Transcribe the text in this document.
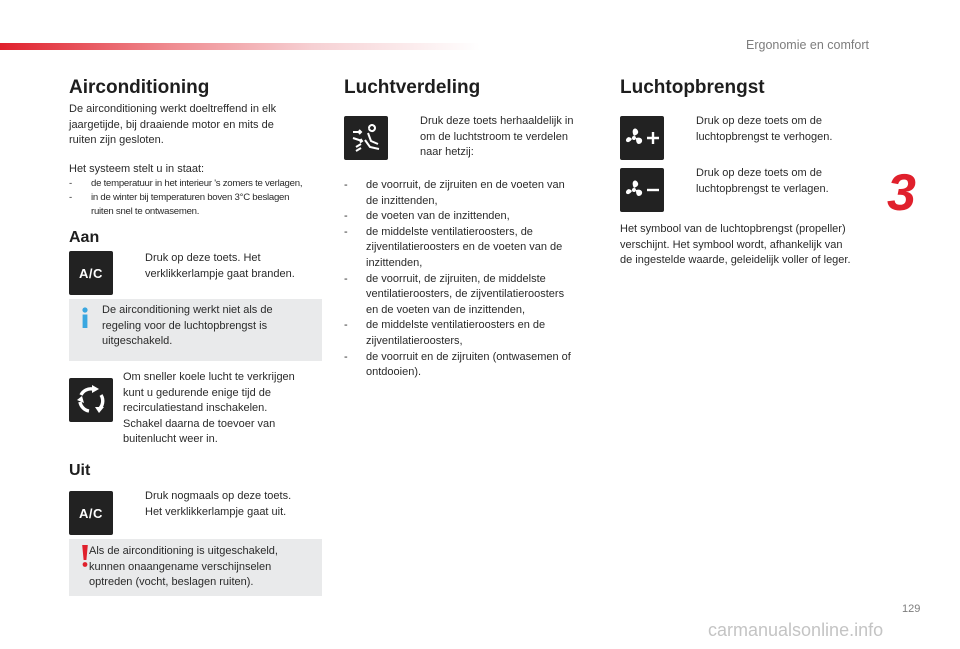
Ergonomie en comfort
Airconditioning
De airconditioning werkt doeltreffend in elk
jaargetijde, bij draaiende motor en mits de
ruiten zijn gesloten.
Het systeem stelt u in staat:
- de temperatuur in het interieur 's zomers te verlagen,
- in de winter bij temperaturen boven 3°C beslagen
ruiten snel te ontwasemen.
Aan
A/C
Druk op deze toets. Het
verklikkerlampje gaat branden.
De airconditioning werkt niet als de
regeling voor de luchtopbrengst is
uitgeschakeld.
Om sneller koele lucht te verkrijgen
kunt u gedurende enige tijd de
recirculatiestand inschakelen.
Schakel daarna de toevoer van
buitenlucht weer in.
Uit
A/C
Druk nogmaals op deze toets.
Het verklikkerlampje gaat uit.
Als de airconditioning is uitgeschakeld,
kunnen onaangename verschijnselen
optreden (vocht, beslagen ruiten).
Luchtverdeling
Druk deze toets herhaaldelijk in
om de luchtstroom te verdelen
naar hetzij:
- de voorruit, de zijruiten en de voeten van
de inzittenden,
- de voeten van de inzittenden,
- de middelste ventilatieroosters, de
zijventilatieroosters en de voeten van de
inzittenden,
- de voorruit, de zijruiten, de middelste
ventilatieroosters, de zijventilatieroosters
en de voeten van de inzittenden,
- de middelste ventilatieroosters en de
zijventilatieroosters,
- de voorruit en de zijruiten (ontwasemen of
ontdooien).
Luchtopbrengst
Druk op deze toets om de
luchtopbrengst te verhogen.
Druk op deze toets om de
luchtopbrengst te verlagen.
Het symbool van de luchtopbrengst (propeller)
verschijnt. Het symbool wordt, afhankelijk van
de ingestelde waarde, geleidelijk voller of leger.
3
129
carmanualsonline.info
